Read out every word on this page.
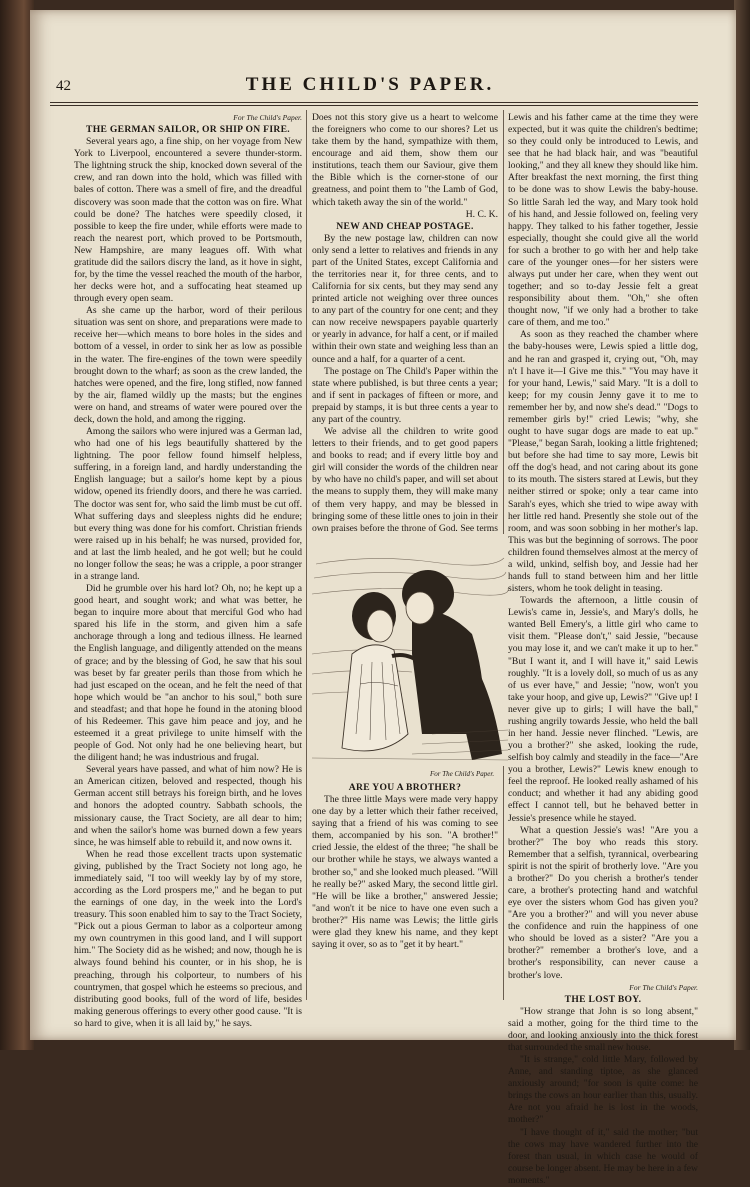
42	THE CHILD'S PAPER.

For The Child's Paper.

THE GERMAN SAILOR, OR SHIP ON FIRE.

Several years ago, a fine ship, on her voyage from New York to Liverpool, encountered a severe thunder-storm. The lightning struck the ship, knocked down several of the crew, and ran down into the hold, which was filled with bales of cotton. There was a smell of fire, and the dreadful discovery was soon made that the cotton was on fire. What could be done? The hatches were speedily closed, it possible to keep the fire under, while efforts were made to reach the nearest port, which proved to be Portsmouth, New Hampshire, are many leagues off. With what gratitude did the sailors discry the land, as it hove in sight, for, by the time the vessel reached the mouth of the harbor, her decks were hot, and a suffocating heat steamed up through every open seam.

As she came up the harbor, word of their perilous situation was sent on shore, and preparations were made to receive her—which means to bore holes in the sides and bottom of a vessel, in order to sink her as low as possible in the water. The fire-engines of the town were speedily brought down to the wharf; as soon as the crew landed, the hatches were opened, and the fire, long stifled, now fanned by the air, flamed wildly up the masts; but the engines were on hand, and streams of water were poured over the deck, down the hold, and among the rigging.

Among the sailors who were injured was a German lad, who had one of his legs beautifully shattered by the lightning. The poor fellow found himself helpless, suffering, in a foreign land, and hardly understanding the English language; but a sailor's home kept by a pious widow, opened its friendly doors, and there he was carried. The doctor was sent for, who said the limb must be cut off. What suffering days and sleepless nights did he endure; but every thing was done for his comfort. Christian friends were raised up in his behalf; he was nursed, provided for, and at last the limb healed, and he got well; but he could no longer follow the seas; he was a cripple, a poor stranger in a strange land.

Did he grumble over his hard lot? Oh, no; he kept up a good heart, and sought work; and what was better, he began to inquire more about that merciful God who had spared his life in the storm, and given him a safe anchorage through a long and tedious illness. He learned the English language, and diligently attended on the means of grace; and by the blessing of God, he saw that his soul was beset by far greater perils than those from which he had just escaped on the ocean, and he felt the need of that hope which would be "an anchor to his soul," both sure and steadfast; and that hope he found in the atoning blood of his Redeemer. This gave him peace and joy, and he esteemed it a great privilege to unite himself with the people of God. Not only had he one believing heart, but the diligent hand; he was industrious and frugal.

Several years have passed, and what of him now? He is an American citizen, beloved and respected, though his German accent still betrays his foreign birth, and he loves and honors the adopted country. Sabbath schools, the missionary cause, the Tract Society, are all dear to him; and when the sailor's home was burned down a few years since, he was himself able to rebuild it, and now owns it.

When he read those excellent tracts upon systematic giving, published by the Tract Society not long ago, he immediately said, "I too will weekly lay by of my store, according as the Lord prospers me," and he began to put the earnings of one day, in the week into the Lord's treasury. This soon enabled him to say to the Tract Society, "Pick out a pious German to labor as a colporteur among my own countrymen in this good land, and I will support him." The Society did as he wished; and now, though he is always found behind his counter, or in his shop, he is preaching, through his colporteur, to numbers of his countrymen, that gospel which he esteems so precious, and distributing good books, full of the word of life, besides making generous offerings to every other good cause. "It is so hard to give, when it is all laid by," he says.

Does not this story give us a heart to welcome the foreigners who come to our shores? Let us take them by the hand, sympathize with them, encourage and aid them, show them our institutions, teach them our Saviour, give them the Bible which is the corner-stone of our greatness, and point them to "the Lamb of God, which taketh away the sin of the world."

H. C. K.

NEW AND CHEAP POSTAGE.

By the new postage law, children can now only send a letter to relatives and friends in any part of the United States, except California and the territories near it, for three cents, and to California for six cents, but they may send any printed article not weighing over three ounces to any part of the country for one cent; and they can now receive newspapers payable quarterly or yearly in advance, for half a cent, or if mailed within their own state and weighing less than an ounce and a half, for a quarter of a cent.

The postage on The Child's Paper within the state where published, is but three cents a year; and if sent in packages of fifteen or more, and prepaid by stamps, it is but three cents a year to any part of the country.

We advise all the children to write good letters to their friends, and to get good papers and books to read; and if every little boy and girl will consider the words of the children near by who have no child's paper, and will set about the means to supply them, they will make many of them very happy, and may be blessed in bringing some of these little ones to join in their own praises before the throne of God. See terms

For The Child's Paper.

ARE YOU A BROTHER?

The three little Mays were made very happy one day by a letter which their father received, saying that a friend of his was coming to see them, accompanied by his son. "A brother!" cried Jessie, the eldest of the three; "he shall be our brother while he stays, we always wanted a brother so," and she looked much pleased. "Will he really be?" asked Mary, the second little girl. "He will be like a brother," answered Jessie; "and won't it be nice to have one even such a brother?" His name was Lewis; the little girls were glad they knew his name, and they kept saying it over, so as to "get it by heart."

Lewis and his father came at the time they were expected, but it was quite the children's bedtime; so they could only be introduced to Lewis, and see that he had black hair, and was "beautiful looking," and they all knew they should like him. After breakfast the next morning, the first thing to be done was to show Lewis the baby-house. So little Sarah led the way, and Mary took hold of his hand, and Jessie followed on, feeling very happy. They talked to his father together, Jessie especially, thought she could give all the world for such a brother to go with her and help take care of the younger ones—for her sisters were always put under her care, when they went out together; and so to-day Jessie felt a great responsibility about them. "Oh," she often thought now, "if we only had a brother to take care of them, and me too."

As soon as they reached the chamber where the baby-houses were, Lewis spied a little dog, and he ran and grasped it, crying out, "Oh, may n't I have it—I Give me this." "You may have it for your hand, Lewis," said Mary. "It is a doll to keep; for my cousin Jenny gave it to me to remember her by, and now she's dead." "Dogs to remember girls by!" cried Lewis; "why, she ought to have sugar dogs are made to eat up." "Please," began Sarah, looking a little frightened; but before she had time to say more, Lewis bit off the dog's head, and not caring about its gone to its mouth. The sisters stared at Lewis, but they neither stirred or spoke; only a tear came into Sarah's eyes, which she tried to wipe away with her little red hand. Presently she stole out of the room, and was soon sobbing in her mother's lap. This was but the beginning of sorrows. The poor children found themselves almost at the mercy of a wild, unkind, selfish boy, and Jessie had her hands full to stand between him and her little sisters, whom he took delight in teasing.

Towards the afternoon, a little cousin of Lewis's came in, Jessie's, and Mary's dolls, he wanted Bell Emery's, a little girl who came to visit them. "Please don't," said Jessie, "because you may lose it, and we can't make it up to her." "But I want it, and I will have it," said Lewis roughly. "It is a lovely doll, so much of us as any of us ever have," and Jessie; "now, won't you take your hoop, and give up, Lewis?" "Give up! I never give up to girls; I will have the ball," rushing angrily towards Jessie, who held the ball in her hand. Jessie never flinched. "Lewis, are you a brother?" she asked, looking the rude, selfish boy calmly and steadily in the face—"Are you a brother, Lewis?" Lewis knew enough to feel the reproof. He looked really ashamed of his conduct; and whether it had any abiding good effect I cannot tell, but he behaved better in Jessie's presence while he stayed.

What a question Jessie's was! "Are you a brother?" The boy who reads this story. Remember that a selfish, tyrannical, overbearing spirit is not the spirit of brotherly love. "Are you a brother?" Do you cherish a brother's tender care, a brother's protecting hand and watchful eye over the sisters whom God has given you? "Are you a brother?" and will you never abuse the confidence and ruin the happiness of one who should be loved as a sister? "Are you a brother?" remember a brother's love, and a brother's responsibility, can never cause a brother's love.

For The Child's Paper.

THE LOST BOY.

"How strange that John is so long absent," said a mother, going for the third time to the door, and looking anxiously into the thick forest that surrounded the small new house.

"It is strange," cold little Mary, followed by Anne, and standing tiptoe, as she glanced anxiously around; "for soon is quite come: he brings the cows an hour earlier than this, usually. Are not you afraid he is lost in the woods, mother?"

"I have thought of it," said the mother; "but the cows may have wandered further into the forest than usual, in which case he would of course be longer absent. He may be here in a few moments."
